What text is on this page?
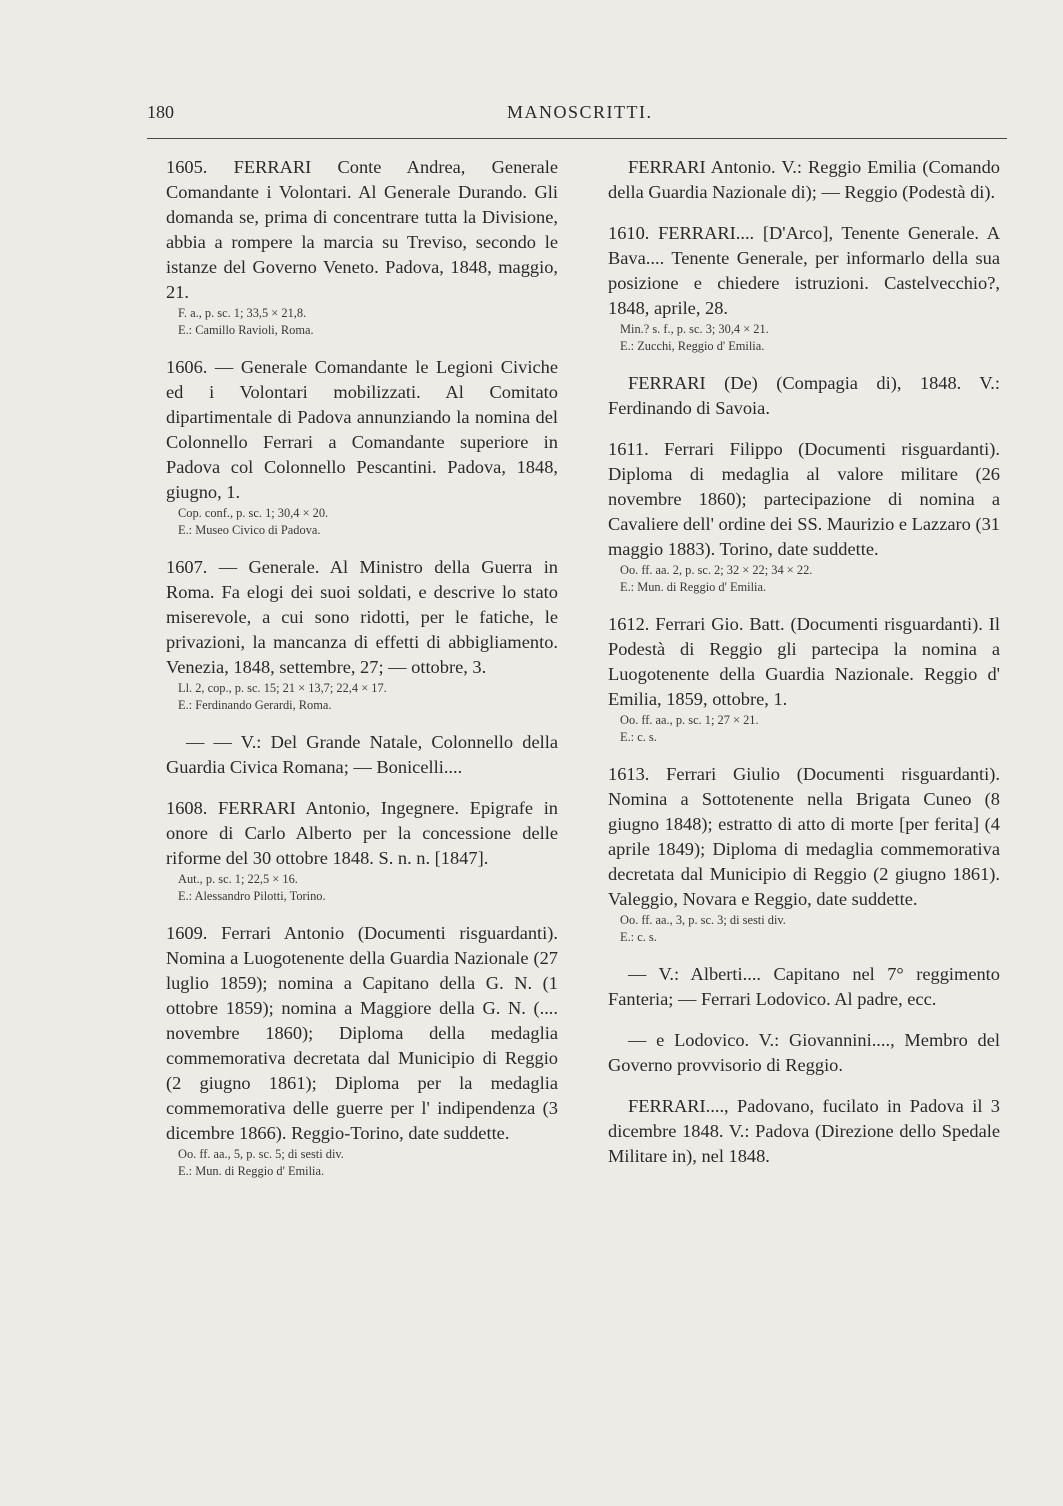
180	MANOSCRITTI.
1605. FERRARI Conte Andrea, Generale Comandante i Volontari. Al Generale Durando. Gli domanda se, prima di concentrare tutta la Divisione, abbia a rompere la marcia su Treviso, secondo le istanze del Governo Veneto. Padova, 1848, maggio, 21.
F. a., p. sc. 1; 33,5 × 21,8.
E.: Camillo Ravioli, Roma.
1606. — Generale Comandante le Legioni Civiche ed i Volontari mobilizzati. Al Comitato dipartimentale di Padova annunziando la nomina del Colonnello Ferrari a Comandante superiore in Padova col Colonnello Pescantini. Padova, 1848, giugno, 1.
Cop. conf., p. sc. 1; 30,4 × 20.
E.: Museo Civico di Padova.
1607. — Generale. Al Ministro della Guerra in Roma. Fa elogi dei suoi soldati, e descrive lo stato miserevole, a cui sono ridotti, per le fatiche, le privazioni, la mancanza di effetti di abbigliamento. Venezia, 1848, settembre, 27; — ottobre, 3.
Ll. 2, cop., p. sc. 15; 21 × 13,7; 22,4 × 17.
E.: Ferdinando Gerardi, Roma.
— — V.: Del Grande Natale, Colonnello della Guardia Civica Romana; — Bonicelli....
1608. FERRARI Antonio, Ingegnere. Epigrafe in onore di Carlo Alberto per la concessione delle riforme del 30 ottobre 1848. S. n. n. [1847].
Aut., p. sc. 1; 22,5 × 16.
E.: Alessandro Pilotti, Torino.
1609. Ferrari Antonio (Documenti risguardanti). Nomina a Luogotenente della Guardia Nazionale (27 luglio 1859); nomina a Capitano della G. N. (1 ottobre 1859); nomina a Maggiore della G. N. (.... novembre 1860); Diploma della medaglia commemorativa decretata dal Municipio di Reggio (2 giugno 1861); Diploma per la medaglia commemorativa delle guerre per l' indipendenza (3 dicembre 1866). Reggio-Torino, date suddette.
Oo. ff. aa., 5, p. sc. 5; di sesti div.
E.: Mun. di Reggio d' Emilia.
FERRARI Antonio. V.: Reggio Emilia (Comando della Guardia Nazionale di); — Reggio (Podestà di).
1610. FERRARI.... [D'Arco], Tenente Generale. A Bava.... Tenente Generale, per informarlo della sua posizione e chiedere istruzioni. Castelvecchio?, 1848, aprile, 28.
Min.? s. f., p. sc. 3; 30,4 × 21.
E.: Zucchi, Reggio d' Emilia.
FERRARI (De) (Compagia di), 1848. V.: Ferdinando di Savoia.
1611. Ferrari Filippo (Documenti risguardanti). Diploma di medaglia al valore militare (26 novembre 1860); partecipazione di nomina a Cavaliere dell' ordine dei SS. Maurizio e Lazzaro (31 maggio 1883). Torino, date suddette.
Oo. ff. aa. 2, p. sc. 2; 32 × 22; 34 × 22.
E.: Mun. di Reggio d' Emilia.
1612. Ferrari Gio. Batt. (Documenti risguardanti). Il Podestà di Reggio gli partecipa la nomina a Luogotenente della Guardia Nazionale. Reggio d' Emilia, 1859, ottobre, 1.
Oo. ff. aa., p. sc. 1; 27 × 21.
E.: c. s.
1613. Ferrari Giulio (Documenti risguardanti). Nomina a Sottotenente nella Brigata Cuneo (8 giugno 1848); estratto di atto di morte [per ferita] (4 aprile 1849); Diploma di medaglia commemorativa decretata dal Municipio di Reggio (2 giugno 1861). Valeggio, Novara e Reggio, date suddette.
Oo. ff. aa., 3, p. sc. 3; di sesti div.
E.: c. s.
— V.: Alberti.... Capitano nel 7° reggimento Fanteria; — Ferrari Lodovico. Al padre, ecc.
— e Lodovico. V.: Giovannini...., Membro del Governo provvisorio di Reggio.
FERRARI...., Padovano, fucilato in Padova il 3 dicembre 1848. V.: Padova (Direzione dello Spedale Militare in), nel 1848.
